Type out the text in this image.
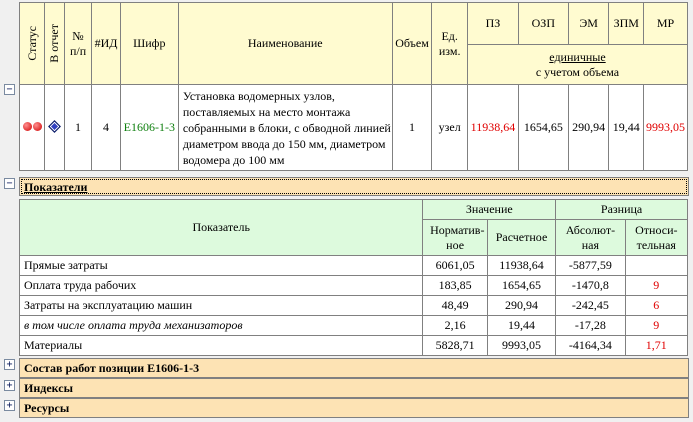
Статус	В отчет	№ п/п	#ИД	Шифр	Наименование	Объем	Ед. изм.	ПЗ	ОЗП	ЭМ	ЗПМ	МР

								единичные
с учетом объема				

		1	4	Е1606-1-3	Установка водомерных узлов, поставляемых на место монтажа собранными в блоки, с обводной линией диаметром ввода до 150 мм, диаметром водомера до 100 мм	1	узел	11938,64	1654,65	290,94	19,44	9993,05
−
− Показатели
Показатель	Значение		Разница	

	Норматив-ное	Расчетное	Абсолют-ная	Относи-тельная

Прямые затраты	6061,05	11938,64	-5877,59	
Оплата труда рабочих	183,85	1654,65	-1470,8	9
Затраты на эксплуатацию машин	48,49	290,94	-242,45	6
в том числе оплата труда механизаторов	2,16	19,44	-17,28	9
Материалы	5828,71	9993,05	-4164,34	1,71
+ Состав работ позиции Е1606-1-3
+ Индексы
+ Ресурсы
